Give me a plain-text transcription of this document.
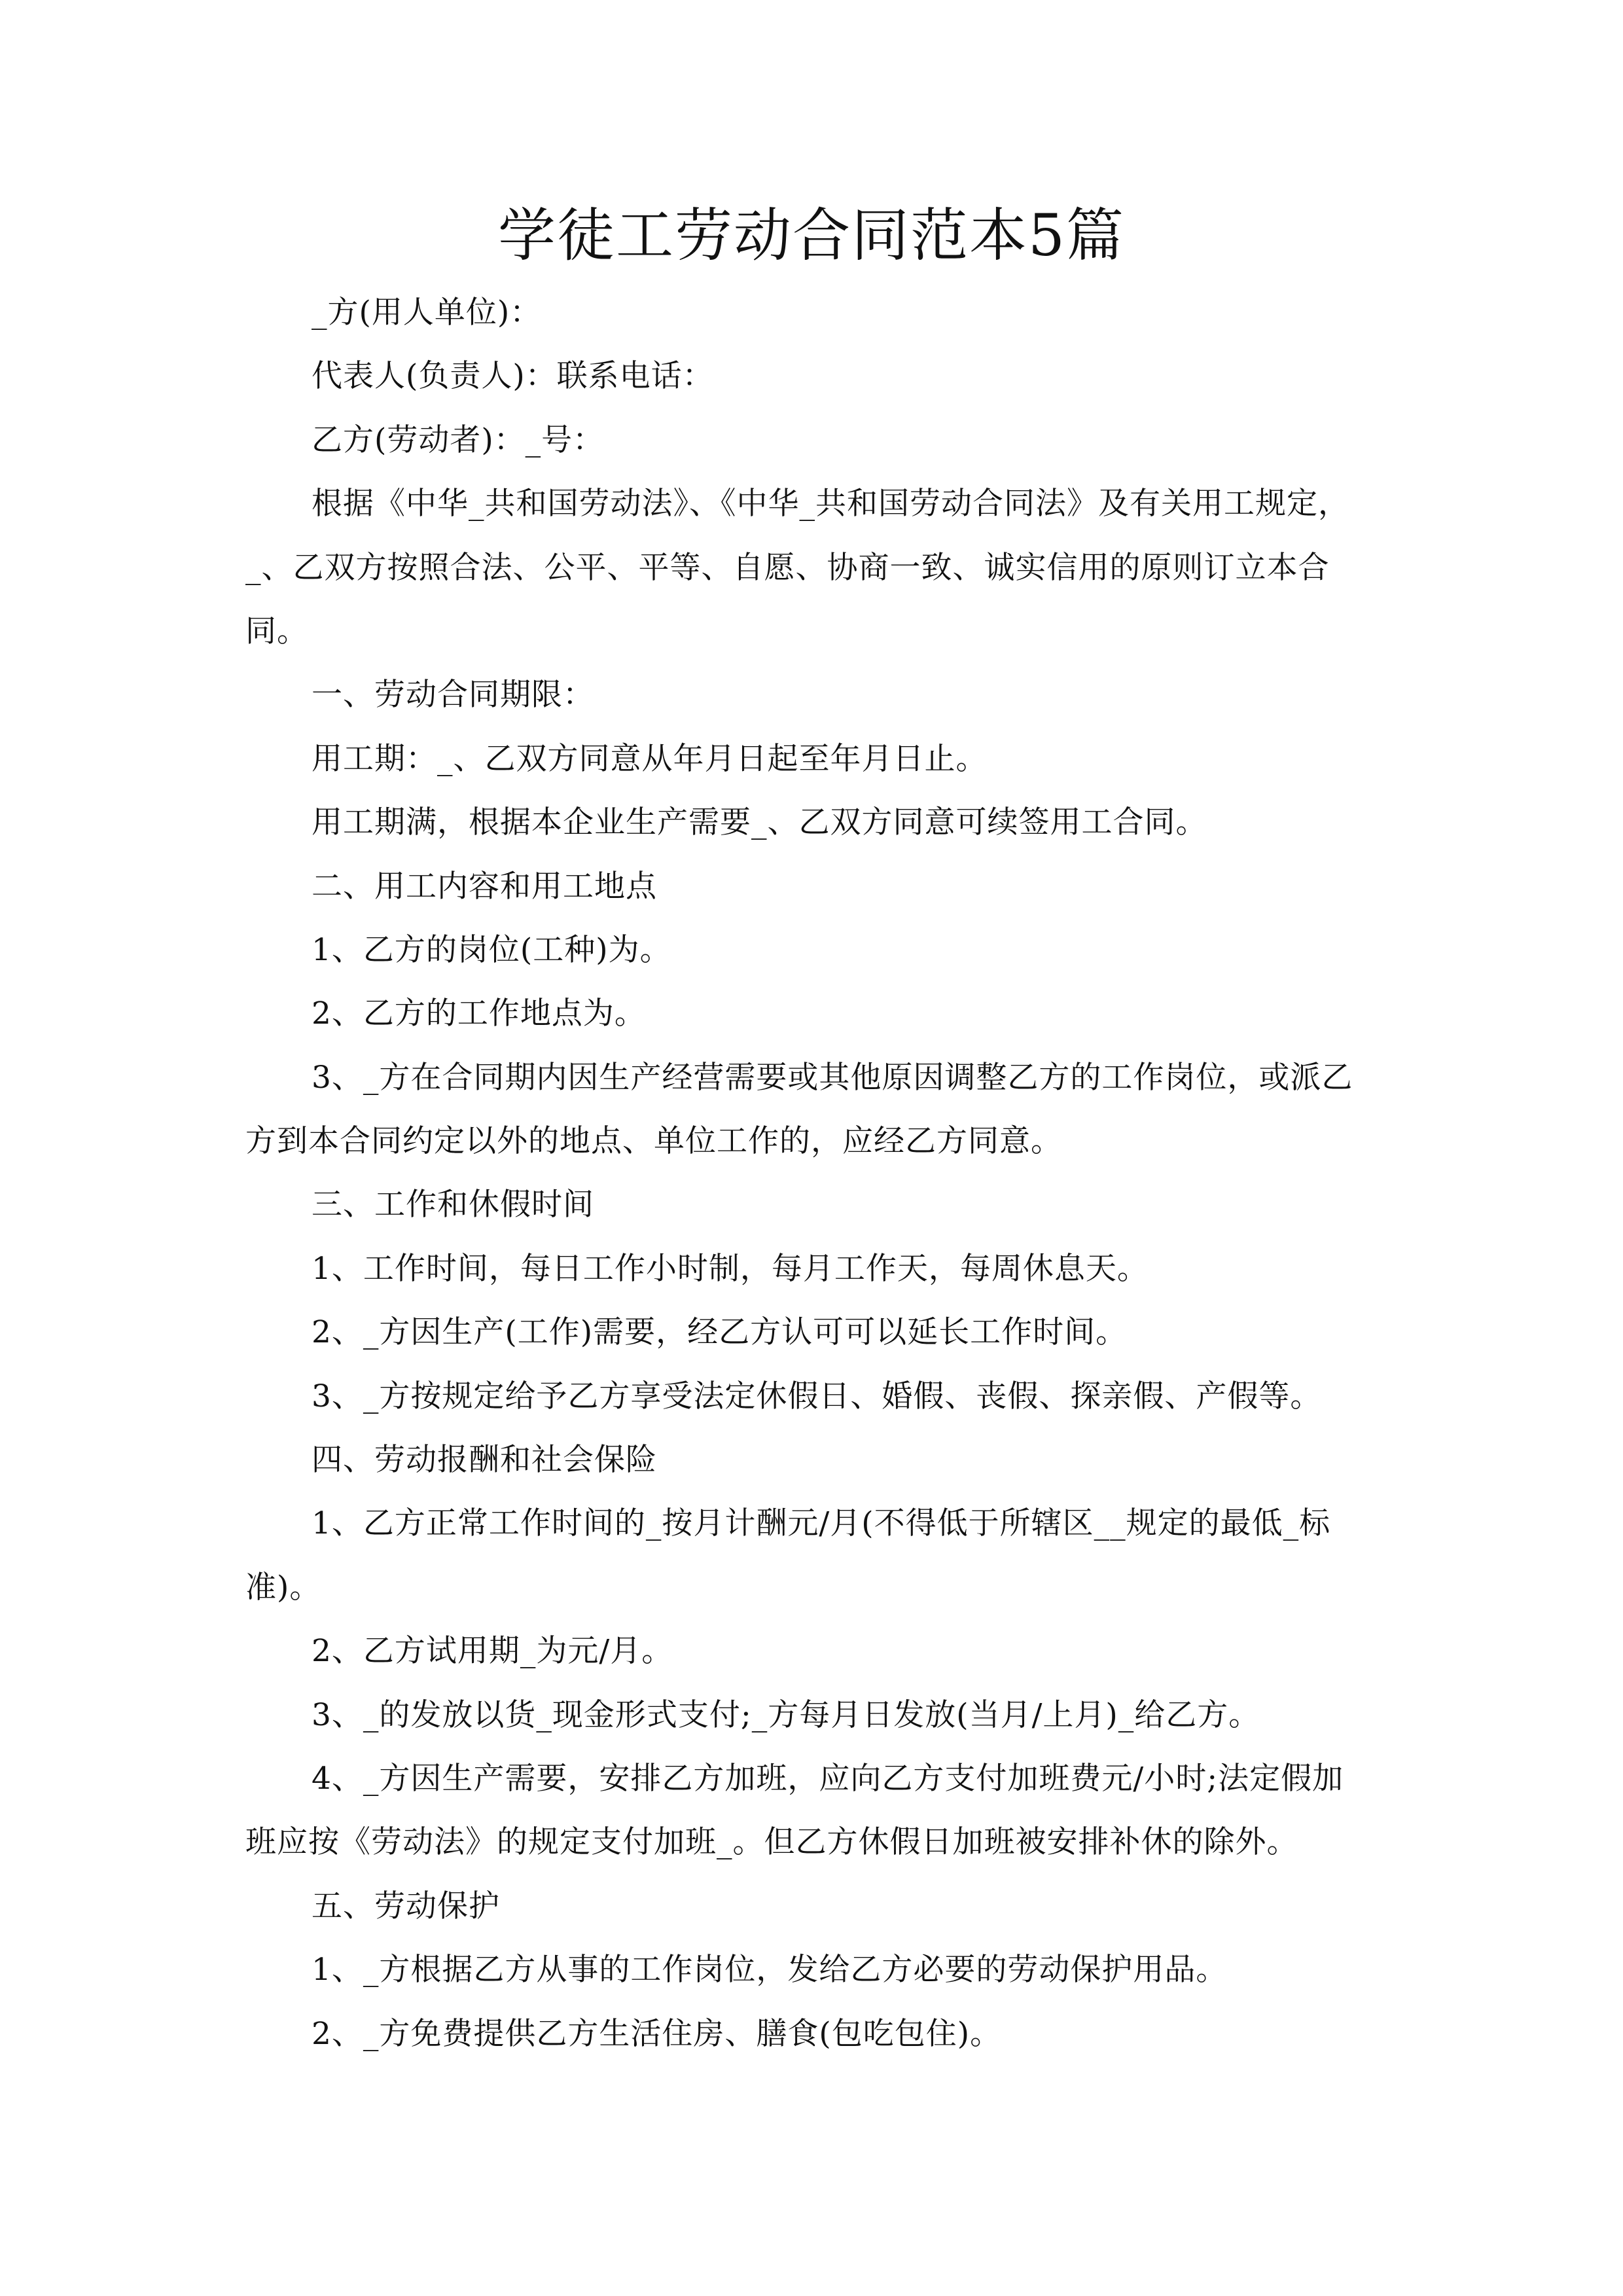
学徒工劳动合同范本5篇
_方(用人单位)：
代表人(负责人)：联系电话：
乙方(劳动者)：_号：
根据《中华_共和国劳动法》、《中华_共和国劳动合同法》及有关用工规定，
_、乙双方按照合法、公平、平等、自愿、协商一致、诚实信用的原则订立本合
同。
一、劳动合同期限：
用工期：_、乙双方同意从年月日起至年月日止。
用工期满，根据本企业生产需要_、乙双方同意可续签用工合同。
二、用工内容和用工地点
1、乙方的岗位(工种)为。
2、乙方的工作地点为。
3、_方在合同期内因生产经营需要或其他原因调整乙方的工作岗位，或派乙
方到本合同约定以外的地点、单位工作的，应经乙方同意。
三、工作和休假时间
1、工作时间，每日工作小时制，每月工作天，每周休息天。
2、_方因生产(工作)需要，经乙方认可可以延长工作时间。
3、_方按规定给予乙方享受法定休假日、婚假、丧假、探亲假、产假等。
四、劳动报酬和社会保险
1、乙方正常工作时间的_按月计酬元/月(不得低于所辖区__规定的最低_标
准)。
2、乙方试用期_为元/月。
3、_的发放以货_现金形式支付;_方每月日发放(当月/上月)_给乙方。
4、_方因生产需要，安排乙方加班，应向乙方支付加班费元/小时;法定假加
班应按《劳动法》的规定支付加班_。但乙方休假日加班被安排补休的除外。
五、劳动保护
1、_方根据乙方从事的工作岗位，发给乙方必要的劳动保护用品。
2、_方免费提供乙方生活住房、膳食(包吃包住)。
